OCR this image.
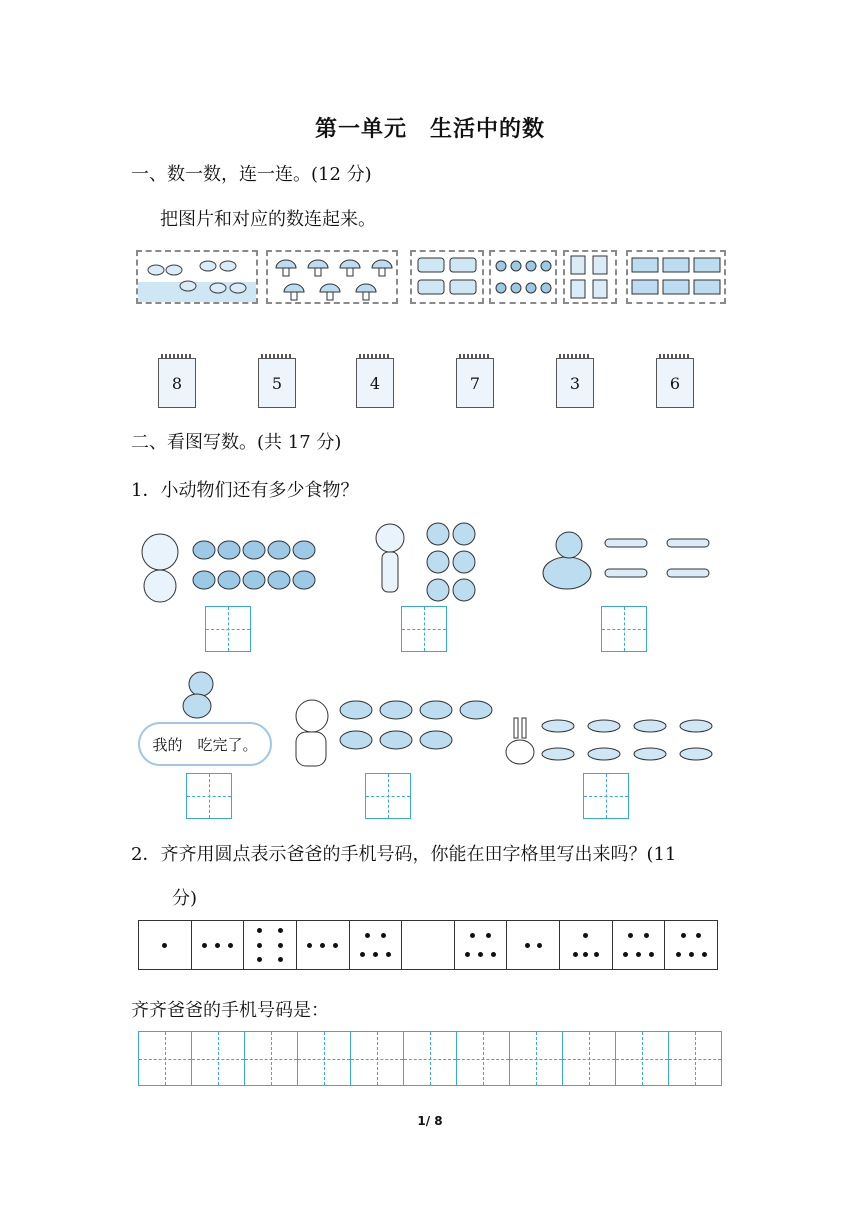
第一单元　生活中的数
一、数一数，连一连。(12 分)
把图片和对应的数连起来。
8	5	4	7	3	6
二、看图写数。(共 17 分)
1．小动物们还有多少食物？
我的　吃完了。
2．齐齐用圆点表示爸爸的手机号码，你能在田字格里写出来吗？(11
分)
齐齐爸爸的手机号码是：
1/ 8
